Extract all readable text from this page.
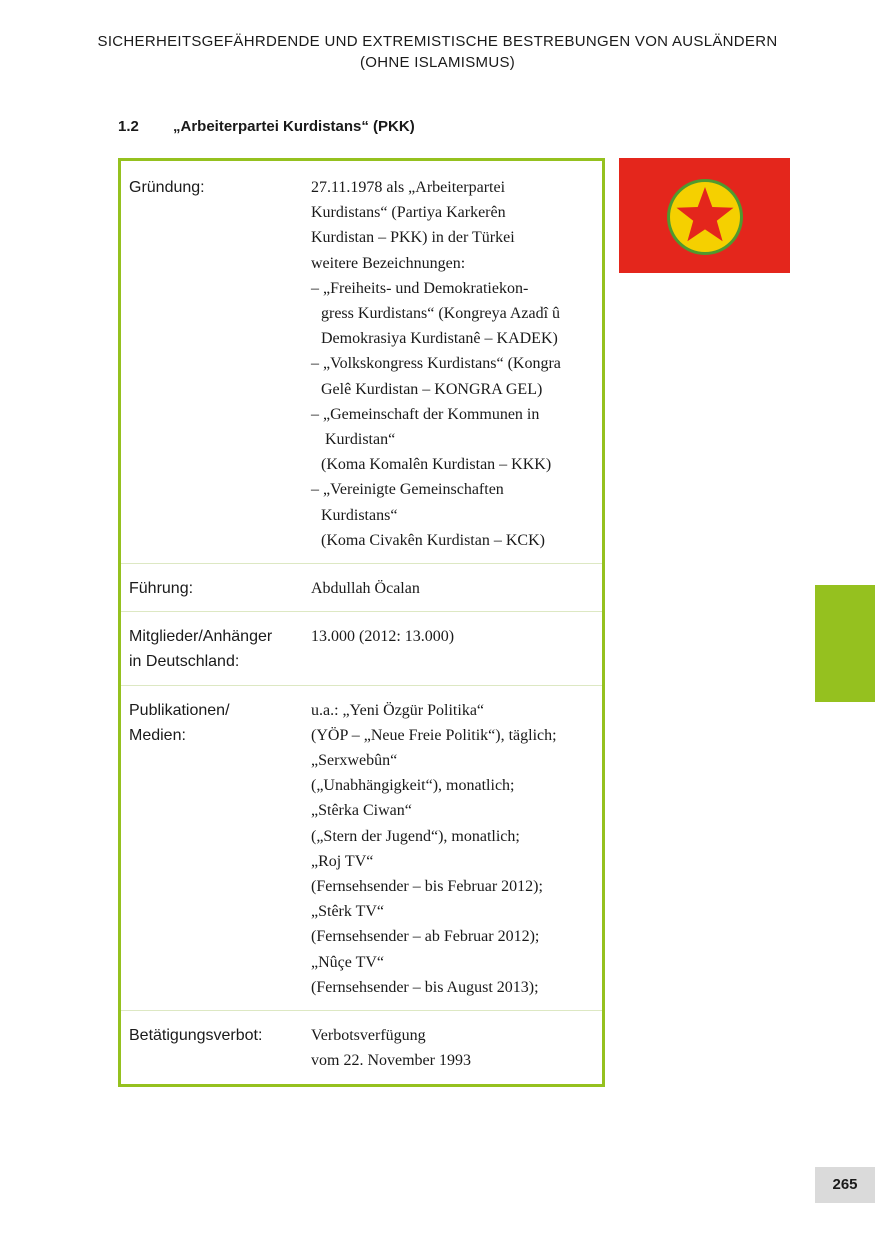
SICHERHEITSGEFÄHRDENDE UND EXTREMISTISCHE BESTREBUNGEN VON AUSLÄNDERN
(OHNE ISLAMISMUS)
1.2	„Arbeiterpartei Kurdistans“ (PKK)
Gründung:	27.11.1978 als „Arbeiterpartei
Kurdistans“ (Partiya Karkerên
Kurdistan – PKK) in der Türkei
weitere Bezeichnungen:
– „Freiheits- und Demokratiekon-
gress Kurdistans“ (Kongreya Azadî û
Demokrasiya Kurdistanê – KADEK)
– „Volkskongress Kurdistans“ (Kongra
Gelê Kurdistan – KONGRA GEL)
– „Gemeinschaft der Kommunen in
Kurdistan“
(Koma Komalên Kurdistan – KKK)
– „Vereinigte Gemeinschaften
Kurdistans“
(Koma Civakên Kurdistan – KCK)
Führung:	Abdullah Öcalan
Mitglieder/Anhänger
in Deutschland:
13.000 (2012: 13.000)
Publikationen/
Medien:
u.a.: „Yeni Özgür Politika“
(YÖP – „Neue Freie Politik“), täglich;
„Serxwebûn“
(„Unabhängigkeit“), monatlich;
„Stêrka Ciwan“
(„Stern der Jugend“), monatlich;
„Roj TV“
(Fernsehsender – bis Februar 2012);
„Stêrk TV“
(Fernsehsender – ab Februar 2012);
„Nûçe TV“
(Fernsehsender – bis August 2013);
Betätigungsverbot:	Verbotsverfügung
vom 22. November 1993
265
